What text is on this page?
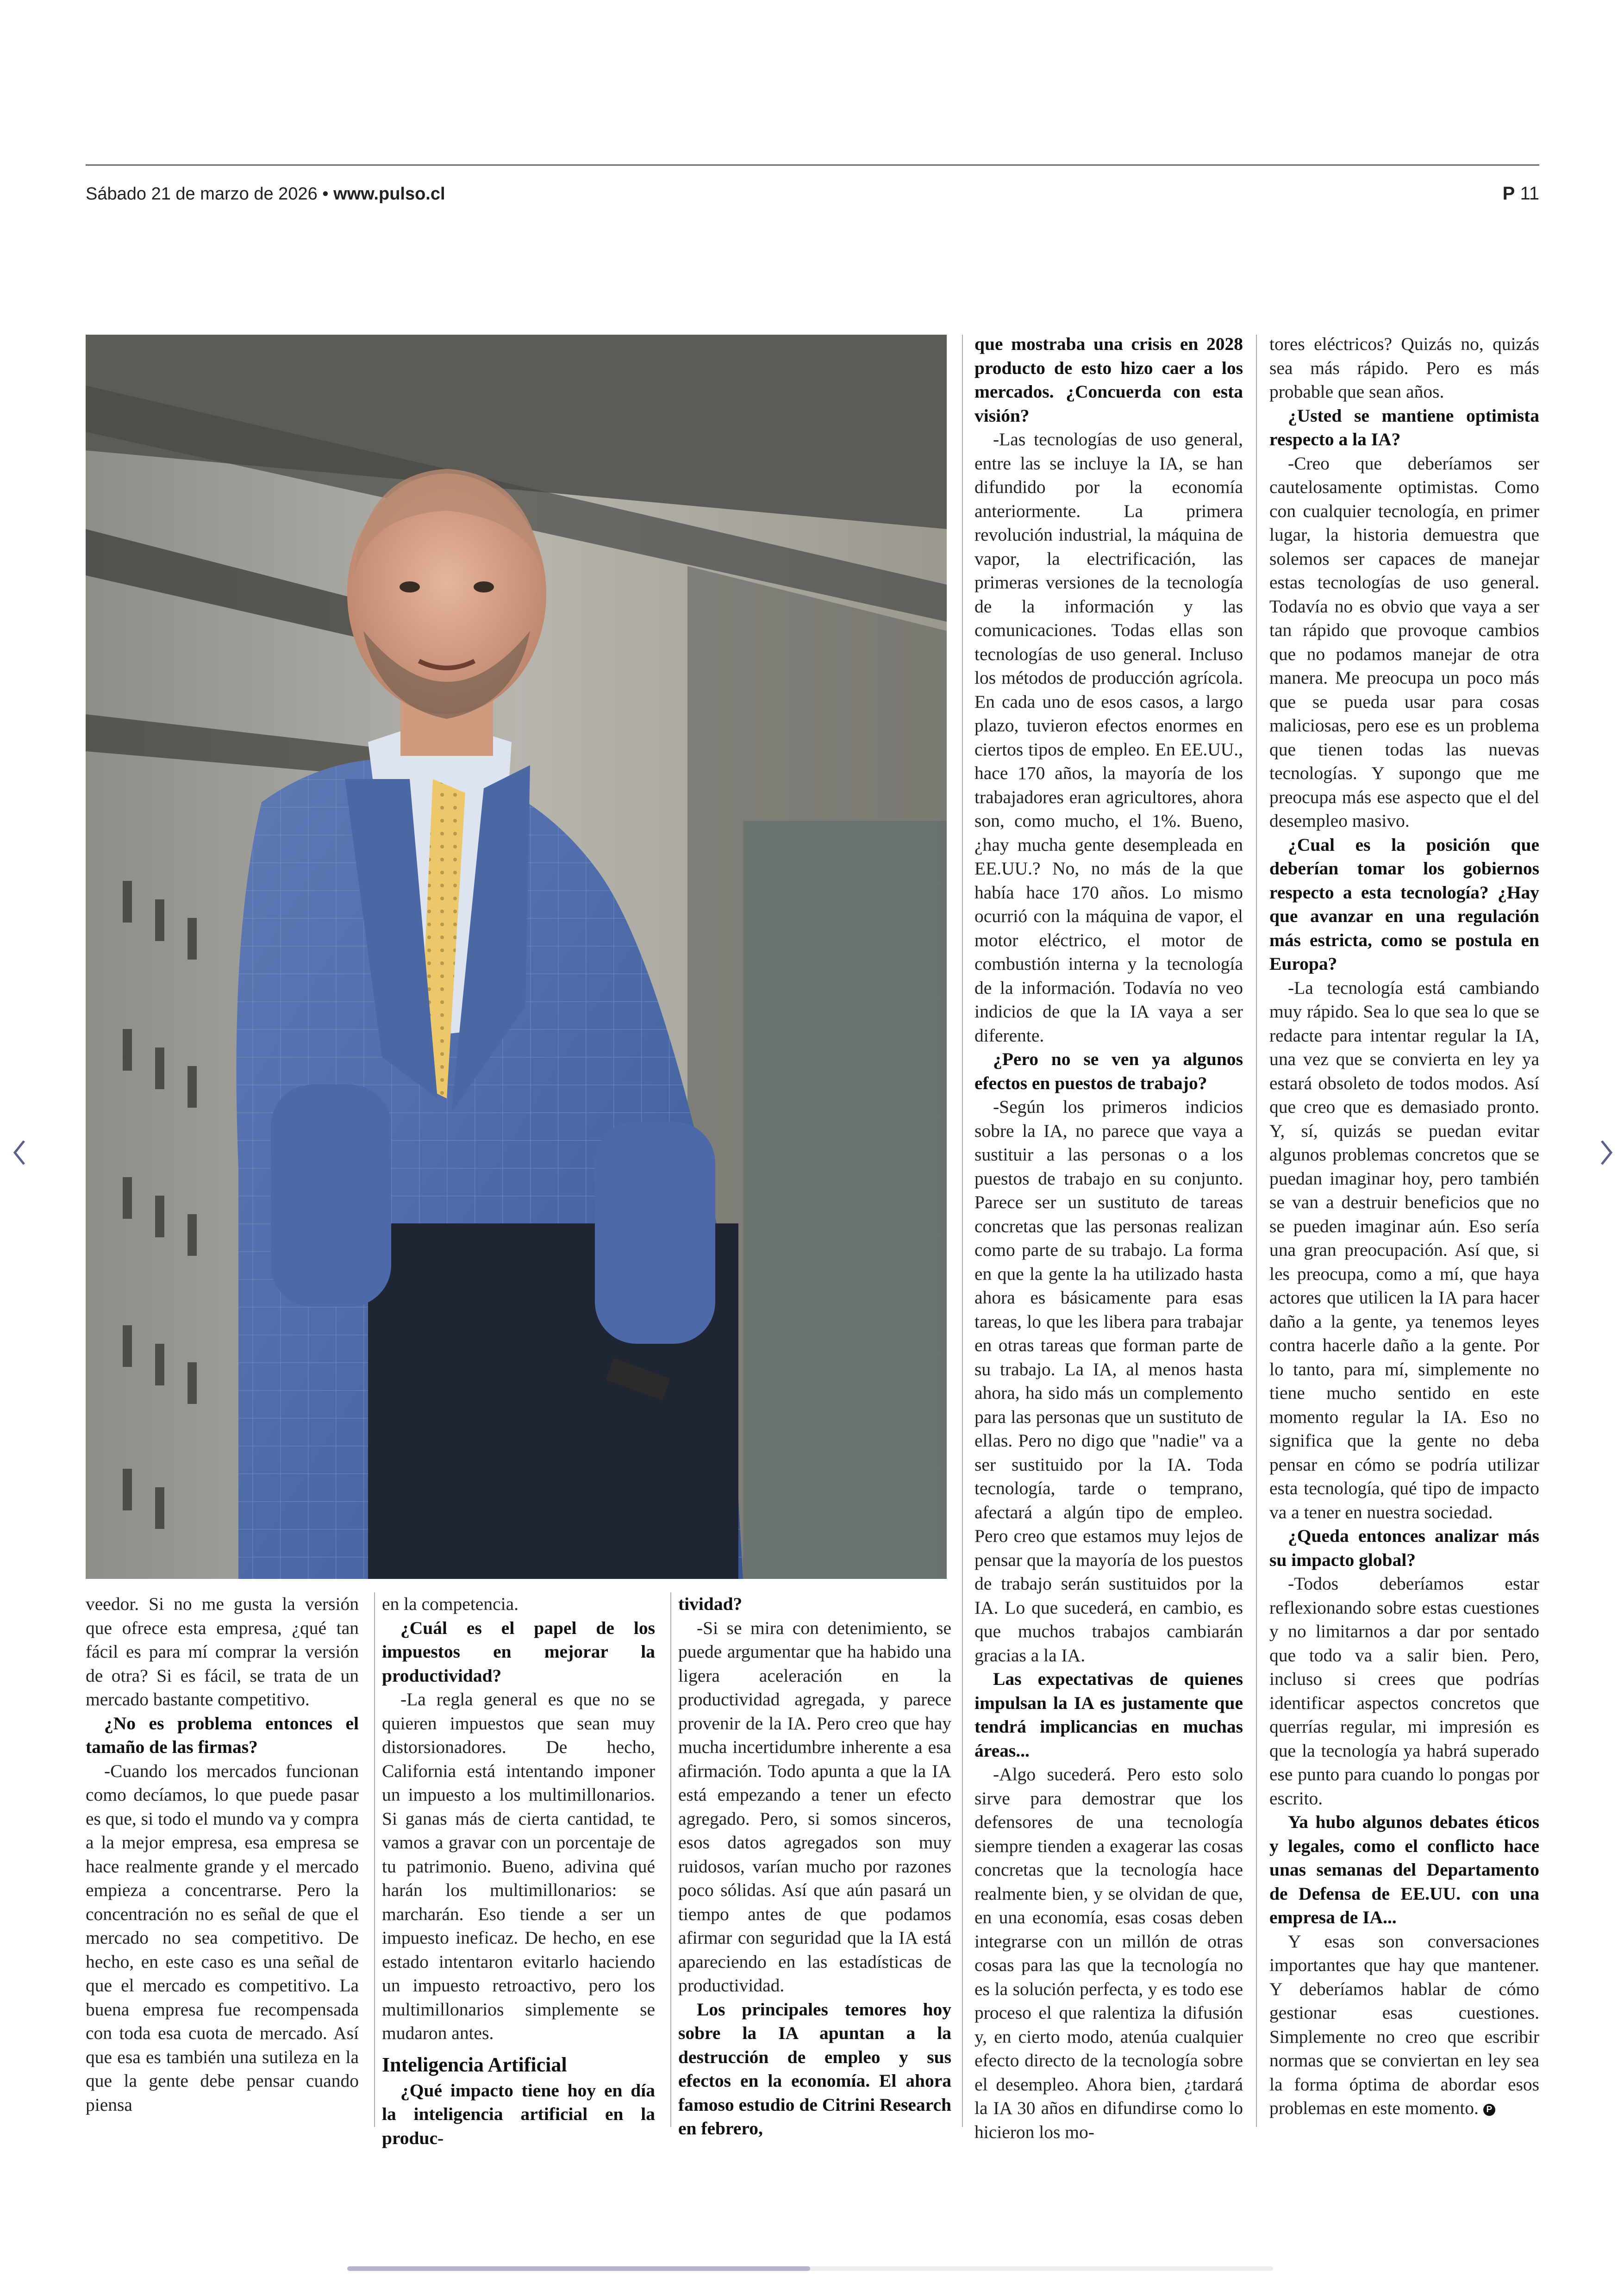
Sábado 21 de marzo de 2026 • www.pulso.cl	P 11

veedor. Si no me gusta la versión que ofrece esta empresa, ¿qué tan fácil es para mí comprar la versión de otra? Si es fácil, se trata de un mercado bastante competitivo.

¿No es problema entonces el tamaño de las firmas?

-Cuando los mercados funcionan como decíamos, lo que puede pasar es que, si todo el mundo va y compra a la mejor empresa, esa empresa se hace realmente grande y el mercado empieza a concentrarse. Pero la concentración no es señal de que el mercado no sea competitivo. De hecho, en este caso es una señal de que el mercado es competitivo. La buena empresa fue recompensada con toda esa cuota de mercado. Así que esa es también una sutileza en la que la gente debe pensar cuando piensa

en la competencia.

¿Cuál es el papel de los impuestos en mejorar la productividad?

-La regla general es que no se quieren impuestos que sean muy distorsionadores. De hecho, California está intentando imponer un impuesto a los multimillonarios. Si ganas más de cierta cantidad, te vamos a gravar con un porcentaje de tu patrimonio. Bueno, adivina qué harán los multimillonarios: se marcharán. Eso tiende a ser un impuesto ineficaz. De hecho, en ese estado intentaron evitarlo haciendo un impuesto retroactivo, pero los multimillonarios simplemente se mudaron antes.

Inteligencia Artificial

¿Qué impacto tiene hoy en día la inteligencia artificial en la produc-

tividad?

-Si se mira con detenimiento, se puede argumentar que ha habido una ligera aceleración en la productividad agregada, y parece provenir de la IA. Pero creo que hay mucha incertidumbre inherente a esa afirmación. Todo apunta a que la IA está empezando a tener un efecto agregado. Pero, si somos sinceros, esos datos agregados son muy ruidosos, varían mucho por razones poco sólidas. Así que aún pasará un tiempo antes de que podamos afirmar con seguridad que la IA está apareciendo en las estadísticas de productividad.

Los principales temores hoy sobre la IA apuntan a la destrucción de empleo y sus efectos en la economía. El ahora famoso estudio de Citrini Research en febrero,

que mostraba una crisis en 2028 producto de esto hizo caer a los mercados. ¿Concuerda con esta visión?

-Las tecnologías de uso general, entre las se incluye la IA, se han difundido por la economía anteriormente. La primera revolución industrial, la máquina de vapor, la electrificación, las primeras versiones de la tecnología de la información y las comunicaciones. Todas ellas son tecnologías de uso general. Incluso los métodos de producción agrícola. En cada uno de esos casos, a largo plazo, tuvieron efectos enormes en ciertos tipos de empleo. En EE.UU., hace 170 años, la mayoría de los trabajadores eran agricultores, ahora son, como mucho, el 1%. Bueno, ¿hay mucha gente desempleada en EE.UU.? No, no más de la que había hace 170 años. Lo mismo ocurrió con la máquina de vapor, el motor eléctrico, el motor de combustión interna y la tecnología de la información. Todavía no veo indicios de que la IA vaya a ser diferente.

¿Pero no se ven ya algunos efectos en puestos de trabajo?

-Según los primeros indicios sobre la IA, no parece que vaya a sustituir a las personas o a los puestos de trabajo en su conjunto. Parece ser un sustituto de tareas concretas que las personas realizan como parte de su trabajo. La forma en que la gente la ha utilizado hasta ahora es básicamente para esas tareas, lo que les libera para trabajar en otras tareas que forman parte de su trabajo. La IA, al menos hasta ahora, ha sido más un complemento para las personas que un sustituto de ellas. Pero no digo que "nadie" va a ser sustituido por la IA. Toda tecnología, tarde o temprano, afectará a algún tipo de empleo. Pero creo que estamos muy lejos de pensar que la mayoría de los puestos de trabajo serán sustituidos por la IA. Lo que sucederá, en cambio, es que muchos trabajos cambiarán gracias a la IA.

Las expectativas de quienes impulsan la IA es justamente que tendrá implicancias en muchas áreas...

-Algo sucederá. Pero esto solo sirve para demostrar que los defensores de una tecnología siempre tienden a exagerar las cosas concretas que la tecnología hace realmente bien, y se olvidan de que, en una economía, esas cosas deben integrarse con un millón de otras cosas para las que la tecnología no es la solución perfecta, y es todo ese proceso el que ralentiza la difusión y, en cierto modo, atenúa cualquier efecto directo de la tecnología sobre el desempleo. Ahora bien, ¿tardará la IA 30 años en difundirse como lo hicieron los mo-

tores eléctricos? Quizás no, quizás sea más rápido. Pero es más probable que sean años.

¿Usted se mantiene optimista respecto a la IA?

-Creo que deberíamos ser cautelosamente optimistas. Como con cualquier tecnología, en primer lugar, la historia demuestra que solemos ser capaces de manejar estas tecnologías de uso general. Todavía no es obvio que vaya a ser tan rápido que provoque cambios que no podamos manejar de otra manera. Me preocupa un poco más que se pueda usar para cosas maliciosas, pero ese es un problema que tienen todas las nuevas tecnologías. Y supongo que me preocupa más ese aspecto que el del desempleo masivo.

¿Cual es la posición que deberían tomar los gobiernos respecto a esta tecnología? ¿Hay que avanzar en una regulación más estricta, como se postula en Europa?

-La tecnología está cambiando muy rápido. Sea lo que sea lo que se redacte para intentar regular la IA, una vez que se convierta en ley ya estará obsoleto de todos modos. Así que creo que es demasiado pronto. Y, sí, quizás se puedan evitar algunos problemas concretos que se puedan imaginar hoy, pero también se van a destruir beneficios que no se pueden imaginar aún. Eso sería una gran preocupación. Así que, si les preocupa, como a mí, que haya actores que utilicen la IA para hacer daño a la gente, ya tenemos leyes contra hacerle daño a la gente. Por lo tanto, para mí, simplemente no tiene mucho sentido en este momento regular la IA. Eso no significa que la gente no deba pensar en cómo se podría utilizar esta tecnología, qué tipo de impacto va a tener en nuestra sociedad.

¿Queda entonces analizar más su impacto global?

-Todos deberíamos estar reflexionando sobre estas cuestiones y no limitarnos a dar por sentado que todo va a salir bien. Pero, incluso si crees que podrías identificar aspectos concretos que querrías regular, mi impresión es que la tecnología ya habrá superado ese punto para cuando lo pongas por escrito.

Ya hubo algunos debates éticos y legales, como el conflicto hace unas semanas del Departamento de Defensa de EE.UU. con una empresa de IA...

Y esas son conversaciones importantes que hay que mantener. Y deberíamos hablar de cómo gestionar esas cuestiones. Simplemente no creo que escribir normas que se conviertan en ley sea la forma óptima de abordar esos problemas en este momento. P
